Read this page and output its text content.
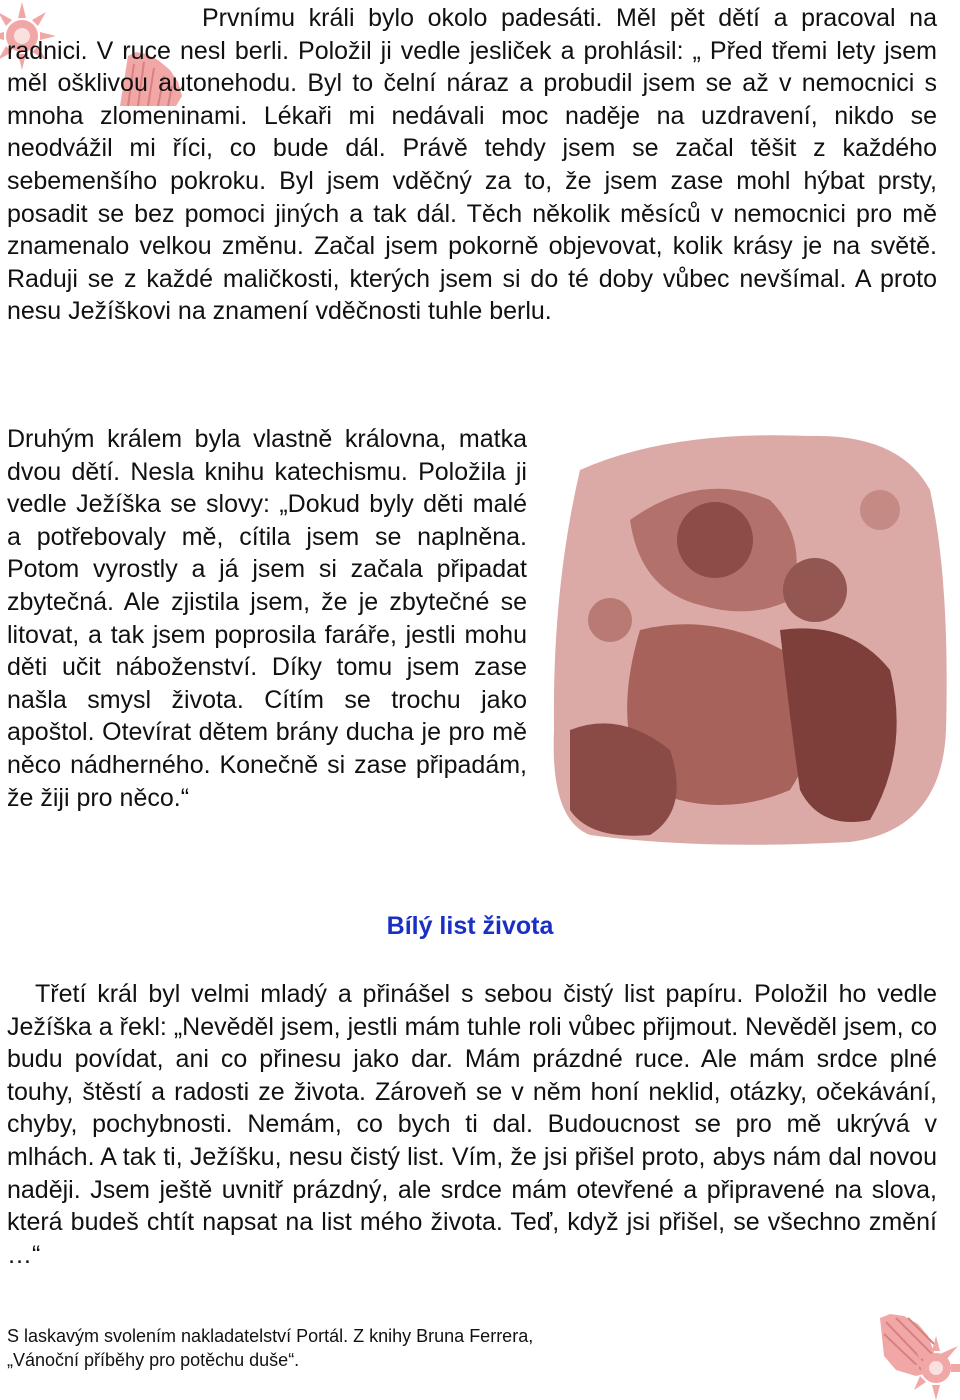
Prvnímu králi bylo okolo padesáti. Měl pět dětí a pracoval na radnici. V ruce nesl berli. Položil ji vedle jesliček a prohlásil: „ Před třemi lety jsem měl ošklivou autonehodu. Byl to čelní náraz a probudil jsem se až v nemocnici s mnoha zlomeninami. Lékaři mi nedávali moc naděje na uzdravení, nikdo se neodvážil mi říci, co bude dál. Právě tehdy jsem se začal těšit z každého sebemenšího pokroku. Byl jsem vděčný za to, že jsem zase mohl hýbat prsty, posadit se bez pomoci jiných a tak dál. Těch několik měsíců v nemocnici pro mě znamenalo velkou změnu. Začal jsem pokorně objevovat, kolik krásy je na světě. Raduji se z každé maličkosti, kterých jsem si do té doby vůbec nevšímal. A proto nesu Ježíškovi na znamení vděčnosti tuhle berlu.

Druhým králem byla vlastně královna, matka dvou dětí. Nesla knihu katechismu. Položila ji vedle Ježíška se slovy: „Dokud byly děti malé a potřebovaly mě, cítila jsem se naplněna. Potom vyrostly a já jsem si začala připadat zbytečná. Ale zjistila jsem, že je zbytečné se litovat, a tak jsem poprosila faráře, jestli mohu děti učit náboženství. Díky tomu jsem zase našla smysl života. Cítím se trochu jako apoštol. Otevírat dětem brány ducha je pro mě něco nádherného. Konečně si zase připadám, že žiji pro něco.“

Bílý list života

Třetí král byl velmi mladý a přinášel s sebou čistý list papíru. Položil ho vedle Ježíška a řekl: „Nevěděl jsem, jestli mám tuhle roli vůbec přijmout. Nevěděl jsem, co budu povídat, ani co přinesu jako dar. Mám prázdné ruce. Ale mám srdce plné touhy, štěstí a radosti ze života. Zároveň se v něm honí neklid, otázky, očekávání, chyby, pochybnosti. Nemám, co bych ti dal. Budoucnost se pro mě ukrývá v mlhách. A tak ti, Ježíšku, nesu čistý list. Vím, že jsi přišel proto, abys nám dal novou naději. Jsem ještě uvnitř prázdný, ale srdce mám otevřené a připravené na slova, která budeš chtít napsat na list mého života. Teď, když jsi přišel, se všechno změní …“

S laskavým svolením nakladatelství Portál. Z knihy Bruna Ferrera,
„Vánoční příběhy pro potěchu duše“.
